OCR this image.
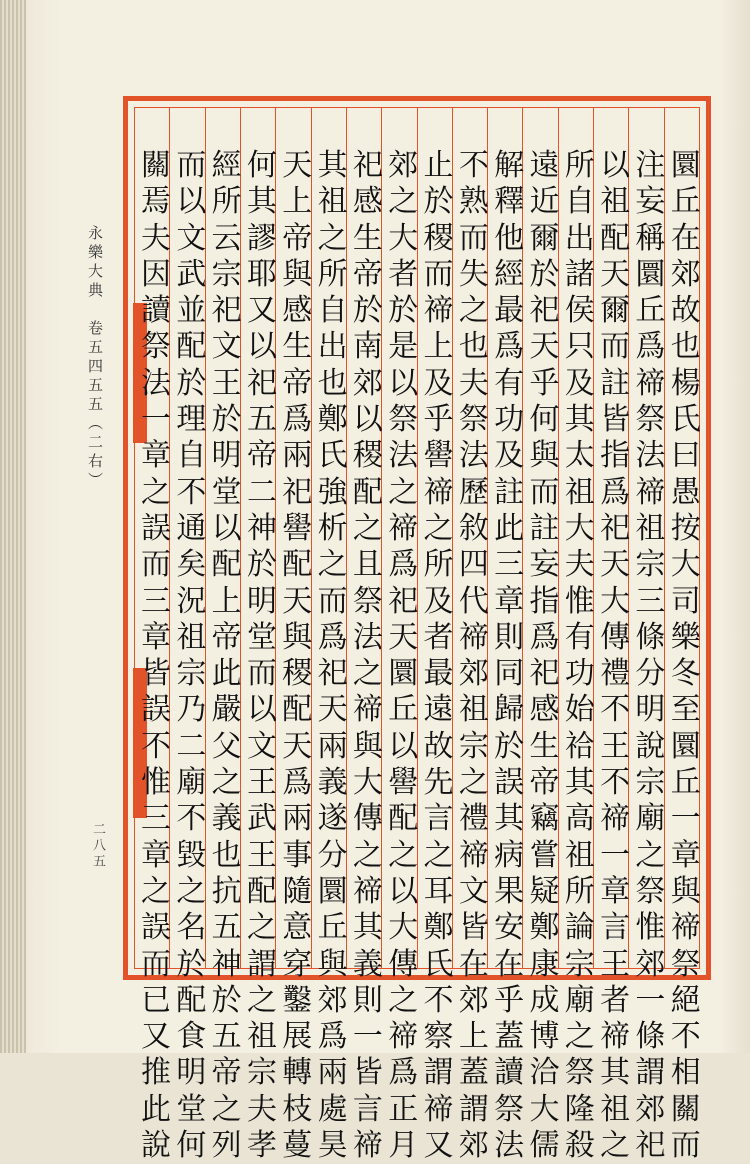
永樂大典　卷五四五五（二右）
二八五
圜丘在郊故也楊氏曰愚按大司樂冬至圜丘一章與禘祭絕不相關而
注妄稱圜丘爲禘祭法禘祖宗三條分明說宗廟之祭惟郊一條謂郊祀
以祖配天爾而註皆指爲祀天大傳禮不王不禘一章言王者禘其祖之
所自出諸侯只及其太祖大夫惟有功始祫其高祖所論宗廟之祭隆殺
遠近爾於祀天乎何與而註妄指爲祀感生帝竊嘗疑鄭康成博洽大儒
解釋他經最爲有功及註此三章則同歸於誤其病果安在乎蓋讀祭法
不熟而失之也夫祭法歷敘四代禘郊祖宗之禮禘文皆在郊上蓋謂郊
止於稷而禘上及乎嚳禘之所及者最遠故先言之耳鄭氏不察謂禘又
郊之大者於是以祭法之禘爲祀天圜丘以嚳配之以大傳之禘爲正月
祀感生帝於南郊以稷配之且祭法之禘與大傳之禘其義則一皆言禘
其祖之所自出也鄭氏強析之而爲祀天兩義遂分圜丘與郊爲兩處昊
天上帝與感生帝爲兩祀嚳配天與稷配天爲兩事隨意穿鑿展轉枝蔓
何其謬耶又以祀五帝二神於明堂而以文王武王配之謂之祖宗夫孝
經所云宗祀文王於明堂以配上帝此嚴父之義也抗五神於五帝之列
而以文武並配於理自不通矣況祖宗乃二廟不毀之名於配食明堂何
關焉夫因讀祭法一章之誤而三章皆誤不惟三章之誤而已又推此說
